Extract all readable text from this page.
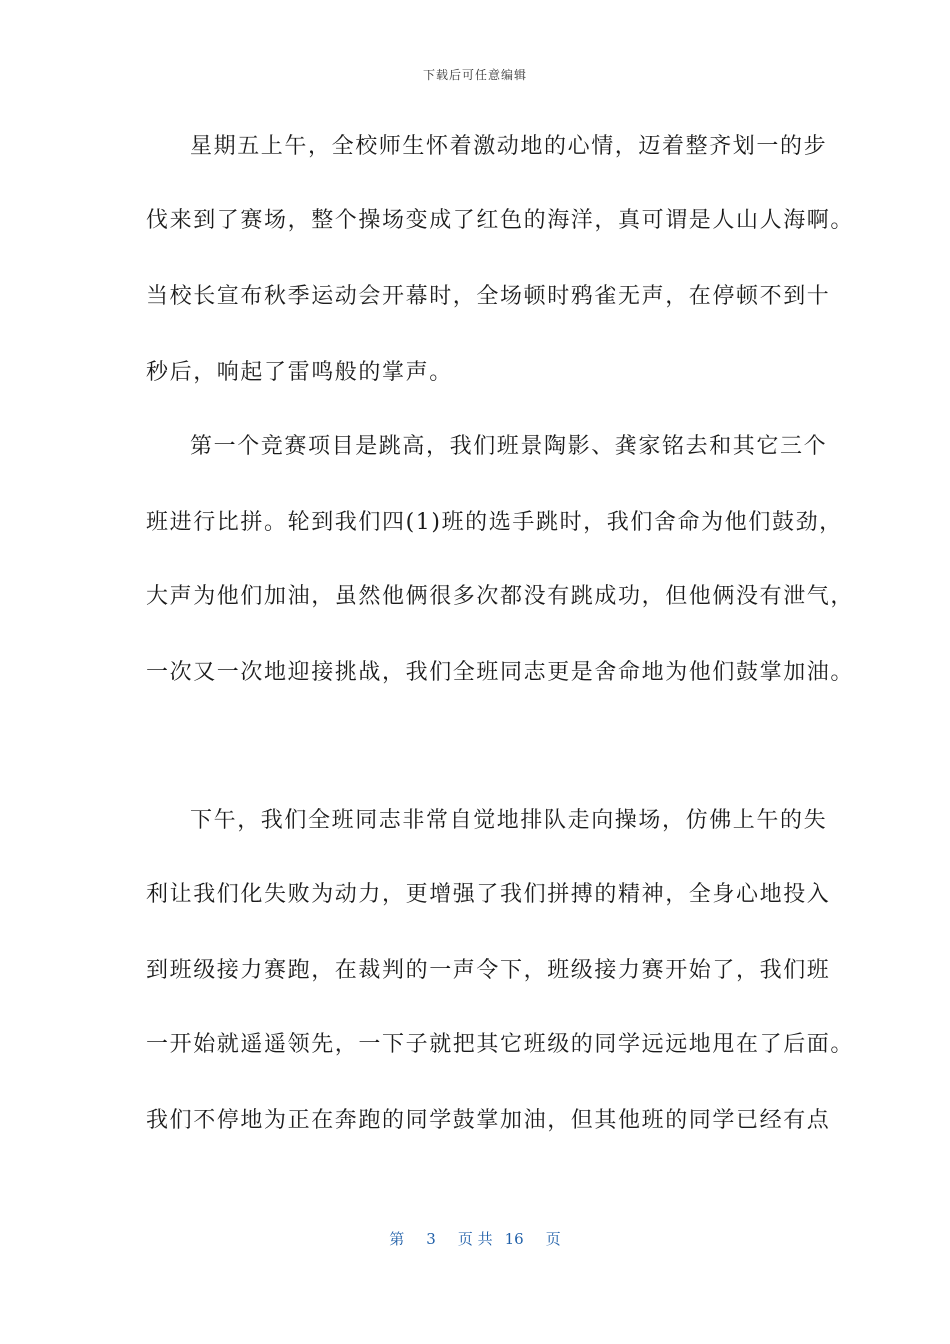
下载后可任意编辑
星期五上午，全校师生怀着激动地的心情，迈着整齐划一的步
伐来到了赛场，整个操场变成了红色的海洋，真可谓是人山人海啊。
当校长宣布秋季运动会开幕时，全场顿时鸦雀无声，在停顿不到十
秒后，响起了雷鸣般的掌声。
第一个竞赛项目是跳高，我们班景陶影、龚家铭去和其它三个
班进行比拼。轮到我们四(1)班的选手跳时，我们舍命为他们鼓劲，
大声为他们加油，虽然他俩很多次都没有跳成功，但他俩没有泄气，
一次又一次地迎接挑战，我们全班同志更是舍命地为他们鼓掌加油。
下午，我们全班同志非常自觉地排队走向操场，仿佛上午的失
利让我们化失败为动力，更增强了我们拼搏的精神，全身心地投入
到班级接力赛跑，在裁判的一声令下，班级接力赛开始了，我们班
一开始就遥遥领先，一下子就把其它班级的同学远远地甩在了后面。
我们不停地为正在奔跑的同学鼓掌加油，但其他班的同学已经有点
第 3 页 共 16 页
